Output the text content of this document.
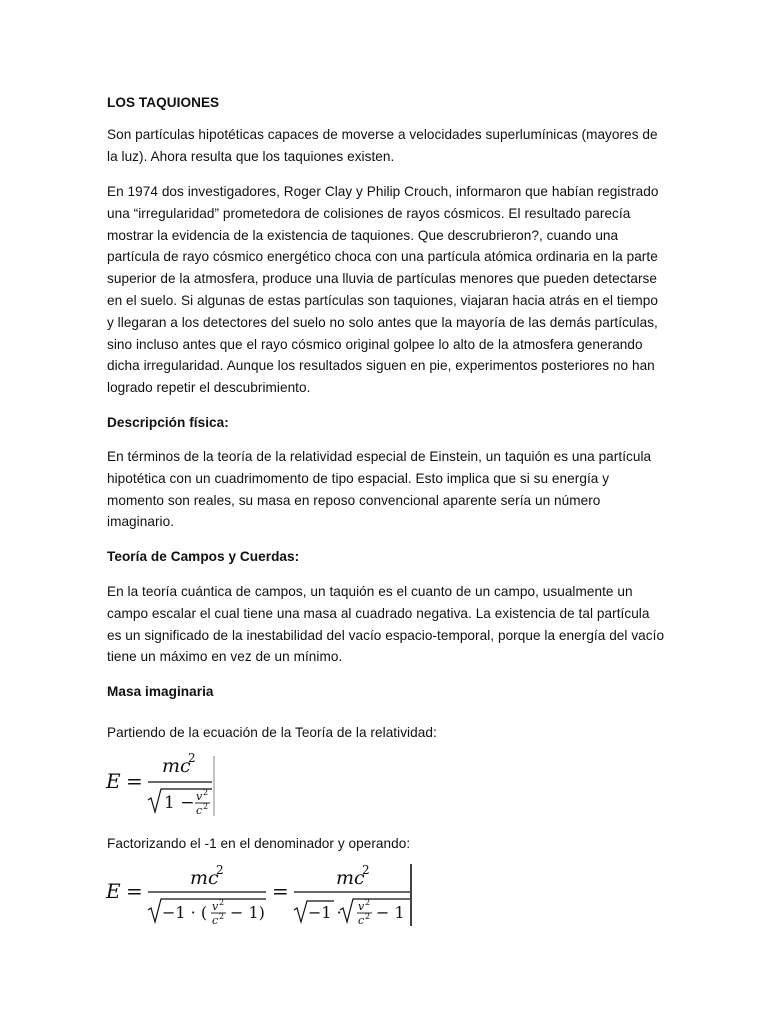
LOS TAQUIONES

Son partículas hipotéticas capaces de moverse a velocidades superlumínicas (mayores de la luz). Ahora resulta que los taquiones existen.

En 1974 dos investigadores, Roger Clay y Philip Crouch, informaron que habían registrado una “irregularidad” prometedora de colisiones de rayos cósmicos. El resultado parecía mostrar la evidencia de la existencia de taquiones. Que descrubrieron?, cuando una partícula de rayo cósmico energético choca con una partícula atómica ordinaria en la parte superior de la atmosfera, produce una lluvia de partículas menores que pueden detectarse en el suelo. Si algunas de estas partículas son taquiones, viajaran hacia atrás en el tiempo y llegaran a los detectores del suelo no solo antes que la mayoría de las demás partículas, sino incluso antes que el rayo cósmico original golpee lo alto de la atmosfera generando dicha irregularidad. Aunque los resultados siguen en pie, experimentos posteriores no han logrado repetir el descubrimiento.

Descripción física:

En términos de la teoría de la relatividad especial de Einstein, un taquión es una partícula hipotética con un cuadrimomento de tipo espacial. Esto implica que si su energía y momento son reales, su masa en reposo convencional aparente sería un número imaginario.

Teoría de Campos y Cuerdas:

En la teoría cuántica de campos, un taquión es el cuanto de un campo, usualmente un campo escalar el cual tiene una masa al cuadrado negativa. La existencia de tal partícula es un significado de la inestabilidad del vacío espacio-temporal, porque la energía del vacío tiene un máximo en vez de un mínimo.

Masa imaginaria

Partiendo de la ecuación de la Teoría de la relatividad:

E =
mc
2
1 − v 2
c 2

Factorizando el -1 en el denominador y operando:

E =
mc
2
−1 · ( v 2
c 2 − 1)
=
mc
2
−1 · v 2
c 2 − 1
